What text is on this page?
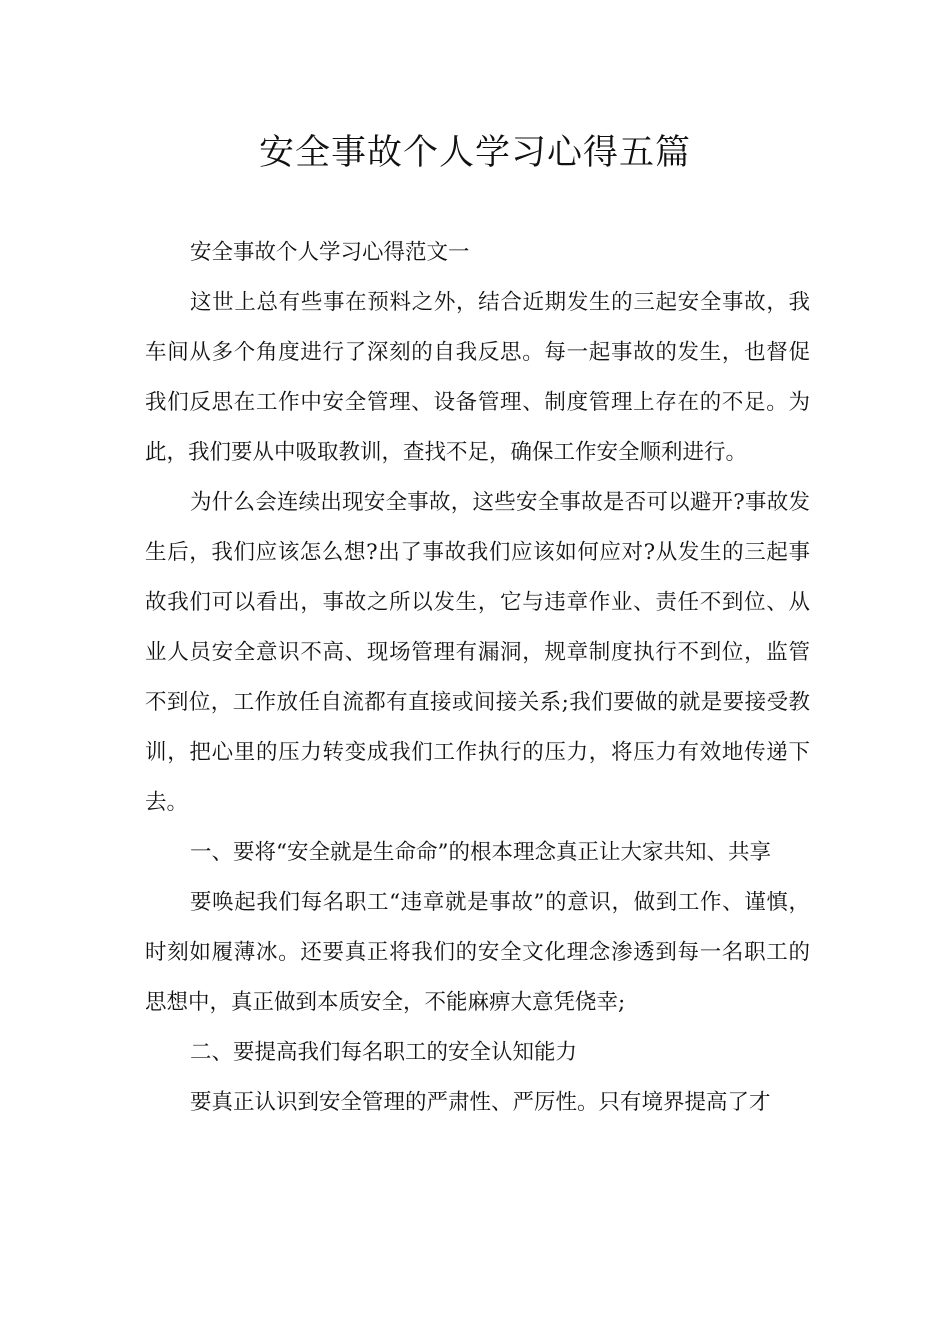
安全事故个人学习心得五篇

安全事故个人学习心得范文一

这世上总有些事在预料之外，结合近期发生的三起安全事故，我车间从多个角度进行了深刻的自我反思。每一起事故的发生，也督促我们反思在工作中安全管理、设备管理、制度管理上存在的不足。为此，我们要从中吸取教训，查找不足，确保工作安全顺利进行。

为什么会连续出现安全事故，这些安全事故是否可以避开?事故发生后，我们应该怎么想?出了事故我们应该如何应对?从发生的三起事故我们可以看出，事故之所以发生，它与违章作业、责任不到位、从业人员安全意识不高、现场管理有漏洞，规章制度执行不到位，监管不到位，工作放任自流都有直接或间接关系;我们要做的就是要接受教训，把心里的压力转变成我们工作执行的压力，将压力有效地传递下去。

一、要将“安全就是生命命”的根本理念真正让大家共知、共享

要唤起我们每名职工“违章就是事故”的意识，做到工作、谨慎，时刻如履薄冰。还要真正将我们的安全文化理念渗透到每一名职工的思想中，真正做到本质安全，不能麻痹大意凭侥幸;

二、要提高我们每名职工的安全认知能力

要真正认识到安全管理的严肃性、严厉性。只有境界提高了才
